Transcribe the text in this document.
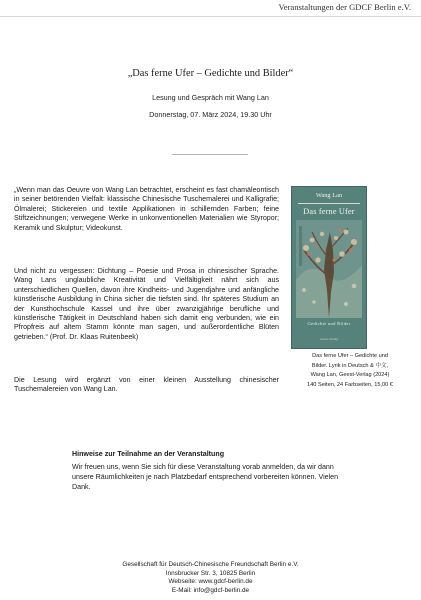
Veranstaltungen der GDCF Berlin e.V.
„Das ferne Ufer – Gedichte und Bilder“
Lesung und Gespräch mit Wang Lan
Donnerstag, 07. März 2024, 19.30 Uhr
„Wenn man das Oeuvre von Wang Lan betrachtet, erscheint es fast chamäleontisch in seiner betörenden Vielfalt: klassische Chinesische Tuschemalerei und Kalligrafie; Ölmalerei; Stickereien und textile Applikationen in schillernden Farben; feine Stiftzeichnungen; verwegene Werke in unkonventionellen Materialien wie Styropor; Keramik und Skulptur; Videokunst.
Und nicht zu vergessen: Dichtung – Poesie und Prosa in chinesischer Sprache. Wang Lans unglaubliche Kreativität und Vielfältigkeit nährt sich aus unterschiedlichen Quellen, davon ihre Kindheits- und Jugendjahre und anfängliche künstlerische Ausbildung in China sicher die tiefsten sind. Ihr späteres Studium an der Kunsthochschule Kassel und ihre über zwanzigjährige berufliche und künstlerische Tätigkeit in Deutschland haben sich damit eng verbunden, wie ein Pfropfreis auf altem Stamm könnte man sagen, und außerordentliche Blüten getrieben.“ (Prof. Dr. Klaas Ruitenbeek)
Die Lesung wird ergänzt von einer kleinen Ausstellung chinesischer Tuschemalereien von Wang Lan.
Wang Lan
Das ferne Ufer
Gedichte und Bilder
Geest-Verlag
Das ferne Ufer – Gedichte und
Bilder. Lyrik in Deutsch & 中文,
Wang Lan, Geest-Verlag (2024)
140 Seiten, 24 Farbseiten, 15,00 €
Hinweise zur Teilnahme an der Veranstaltung
Wir freuen uns, wenn Sie sich für diese Veranstaltung vorab anmelden, da wir dann unsere Räumlichkeiten je nach Platzbedarf entsprechend vorbereiten können. Vielen Dank.
Gesellschaft für Deutsch-Chinesische Freundschaft Berlin e.V.
Innsbrucker Str. 3, 10825 Berlin
Webseite: www.gdcf-berlin.de
E-Mail: info@gdcf-berlin.de
